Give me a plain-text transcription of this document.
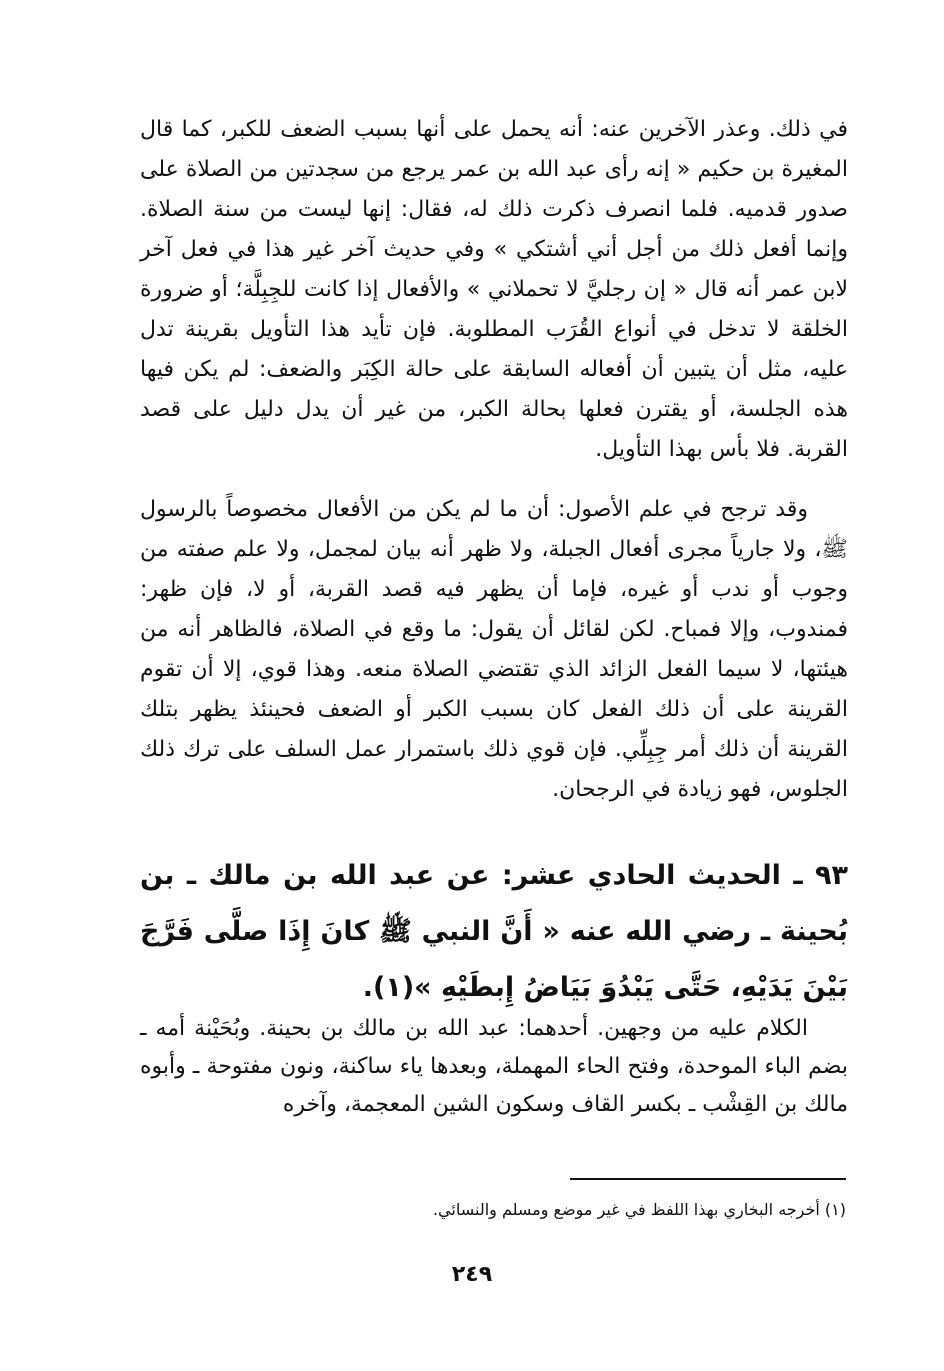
في ذلك. وعذر الآخرين عنه: أنه يحمل على أنها بسبب الضعف للكبر، كما قال المغيرة بن حكيم « إنه رأى عبد الله بن عمر يرجع من سجدتين من الصلاة على صدور قدميه. فلما انصرف ذكرت ذلك له، فقال: إنها ليست من سنة الصلاة. وإنما أفعل ذلك من أجل أني أشتكي » وفي حديث آخر غير هذا في فعل آخر لابن عمر أنه قال « إن رجليَّ لا تحملاني » والأفعال إذا كانت للجِبِلَّة؛ أو ضرورة الخلقة لا تدخل في أنواع القُرَب المطلوبة. فإن تأيد هذا التأويل بقرينة تدل عليه، مثل أن يتبين أن أفعاله السابقة على حالة الكِبَر والضعف: لم يكن فيها هذه الجلسة، أو يقترن فعلها بحالة الكبر، من غير أن يدل دليل على قصد القربة. فلا بأس بهذا التأويل.

وقد ترجح في علم الأصول: أن ما لم يكن من الأفعال مخصوصاً بالرسول ﷺ، ولا جارياً مجرى أفعال الجبلة، ولا ظهر أنه بيان لمجمل، ولا علم صفته من وجوب أو ندب أو غيره، فإما أن يظهر فيه قصد القربة، أو لا، فإن ظهر: فمندوب، وإلا فمباح. لكن لقائل أن يقول: ما وقع في الصلاة، فالظاهر أنه من هيئتها، لا سيما الفعل الزائد الذي تقتضي الصلاة منعه. وهذا قوي، إلا أن تقوم القرينة على أن ذلك الفعل كان بسبب الكبر أو الضعف فحينئذ يظهر بتلك القرينة أن ذلك أمر جِبِلِّي. فإن قوي ذلك باستمرار عمل السلف على ترك ذلك الجلوس، فهو زيادة في الرجحان.

٩٣ ـ الحديث الحادي عشر: عن عبد الله بن مالك ـ بن بُحينة ـ رضي الله عنه « أَنَّ النبي ﷺ كانَ إِذَا صلَّى فَرَّجَ بَيْنَ يَدَيْهِ، حَتَّى يَبْدُوَ بَيَاضُ إِبطَيْهِ »(١).

الكلام عليه من وجهين. أحدهما: عبد الله بن مالك بن بحينة. وبُحَيْنة أمه ـ بضم الباء الموحدة، وفتح الحاء المهملة، وبعدها ياء ساكنة، ونون مفتوحة ـ وأبوه مالك بن القِشْب ـ بكسر القاف وسكون الشين المعجمة، وآخره

(١) أخرجه البخاري بهذا اللفظ في غير موضع ومسلم والنسائي.

٢٤٩
